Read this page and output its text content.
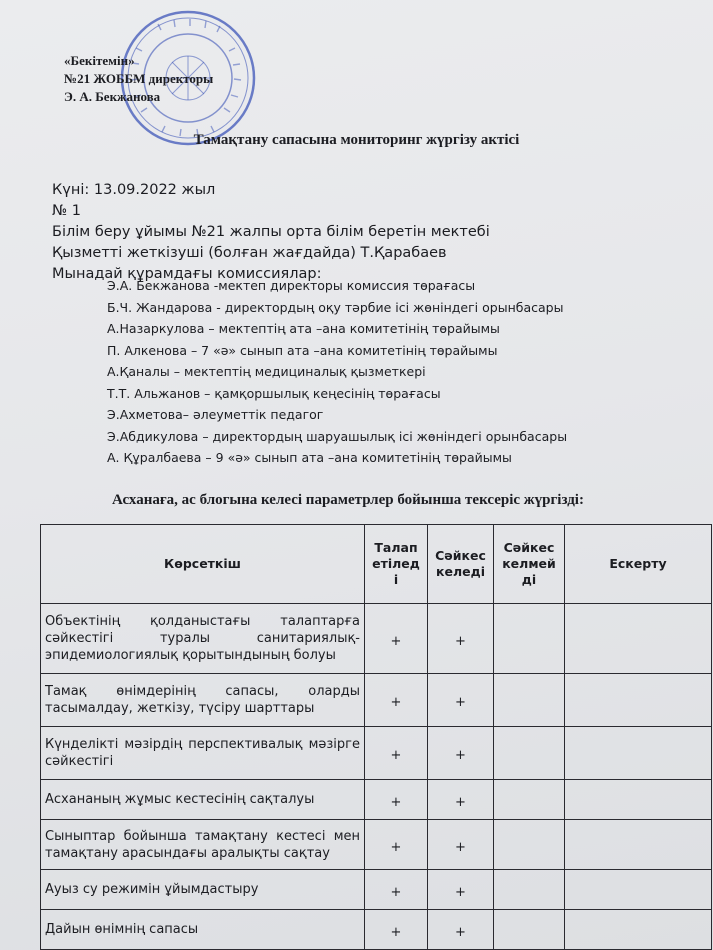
«Бекітемін»
№21 ЖОББМ директоры
Э. А. Бекжанова
Тамақтану сапасына мониторинг жүргізу актісі
Күні: 13.09.2022 жыл
№ 1
Білім беру ұйымы №21 жалпы орта білім беретін мектебі
Қызметті жеткізуші (болған жағдайда) Т.Қарабаев
Мынадай құрамдағы комиссиялар:
Э.А. Бекжанова -мектеп директоры комиссия төрағасы
Б.Ч. Жандарова - директордың оқу тәрбие ісі жөніндегі орынбасары
А.Назаркулова – мектептің ата –ана комитетінің төрайымы
П. Алкенова – 7 «ә» сынып ата –ана комитетінің төрайымы
А.Қаналы – мектептің медициналық қызметкері
Т.Т. Альжанов – қамқоршылық кеңесінің төрағасы
Э.Ахметова– әлеуметтік педагог
Э.Абдикулова – директордың шаруашылық ісі жөніндегі орынбасары
А. Құралбаева – 9 «ә» сынып ата –ана комитетінің төрайымы
Асханаға, ас блогына келесі параметрлер бойынша тексеріс жүргізді:
Көрсеткіш	Талап етілед і	Сәйкес келеді	Сәйкес келмей ді	Ескерту
Объектінің қолданыстағы талаптарға сәйкестігі туралы санитариялық-эпидемиологиялық қорытындының болуы	+	+		
Тамақ өнімдерінің сапасы, оларды тасымалдау, жеткізу, түсіру шарттары	+	+		
Күнделікті мәзірдің перспективалық мәзірге сәйкестігі	+	+		
Асхананың жұмыс кестесінің сақталуы	+	+		
Сыныптар бойынша тамақтану кестесі мен тамақтану арасындағы аралықты сақтау	+	+		
Ауыз су режимін ұйымдастыру	+	+		
Дайын өнімнің сапасы	+	+		
